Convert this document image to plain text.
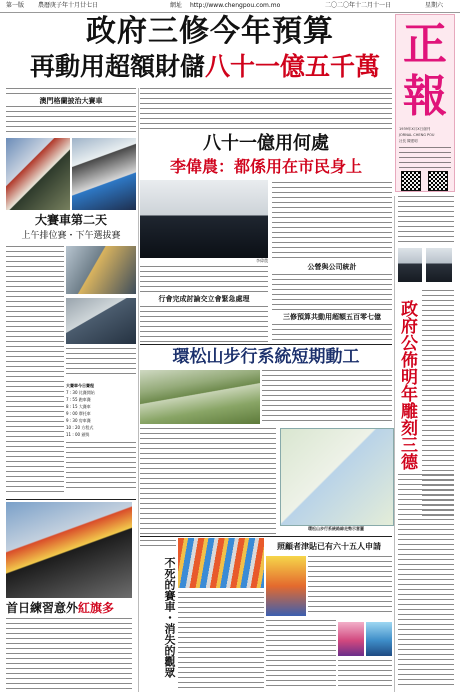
第一版 農曆庚子年十月廿七日	網址 http://www.chengpou.com.mo	二〇二〇年十二月十一日	星期六
政府三修今年預算
再動用超額財儲八十一億五千萬 正
報
1939年X月X日創刊
JORNAL CHENG POU
社長 陳建明
澳門格蘭披治大賽車
大賽車第二天
上午排位賽・下午選拔賽
大賽車今日賽程
7 : 30 比賽開始
7 : 55 跑車賽
8 : 15 大賽車
9 : 00 摩托車
9 : 30 房車賽
10 : 20 方程式
11 : 00 頒獎
首日練習意外紅旗多
八十一億用何處
李偉農：都係用在市民身上
李偉農
行會完成討論交立會緊急處理
公營與公司統計
三修預算共動用超額五百零七億 政府公佈明年雕刻三德
環松山步行系統短期動工
環松山步行系統路線走勢示意圖
不死的賽車・消失的觀眾
照顧者津貼已有六十五人申請
